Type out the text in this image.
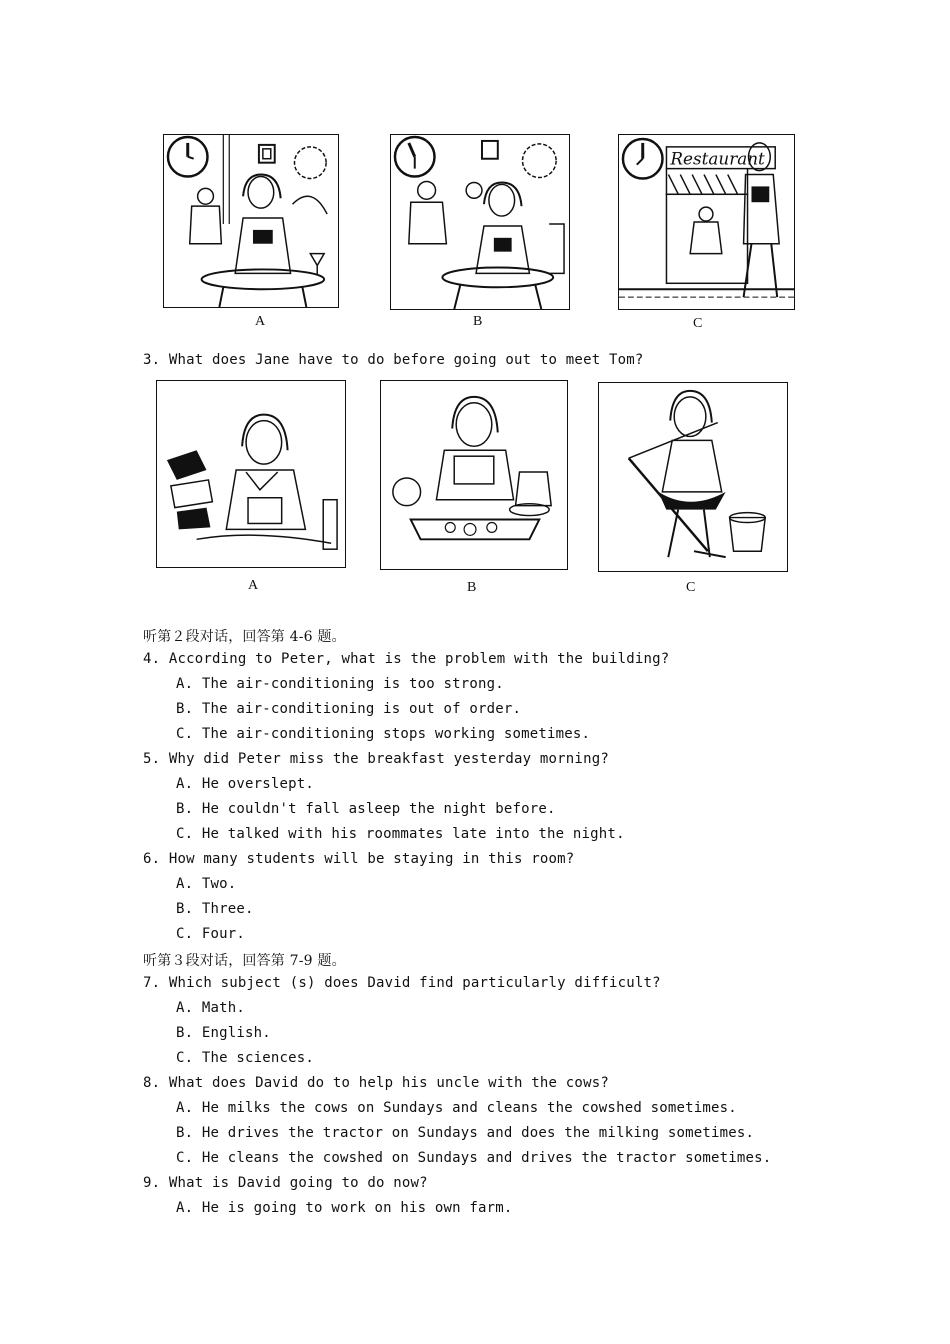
A	B
Restaurant
C
3. What does Jane have to do before going out to meet Tom?
A	B	C
听第２段对话，回答第 4-6 题。
4. According to Peter, what is the problem with the building?
A. The air-conditioning is too strong.
B. The air-conditioning is out of order.
C. The air-conditioning stops working sometimes.
5. Why did Peter miss the breakfast yesterday morning?
A. He overslept.
B. He couldn't fall asleep the night before.
C. He talked with his roommates late into the night.
6. How many students will be staying in this room?
A. Two.
B. Three.
C. Four.
听第３段对话，回答第 7-9 题。
7. Which subject (s) does David find particularly difficult?
A. Math.
B. English.
C. The sciences.
8. What does David do to help his uncle with the cows?
A. He milks the cows on Sundays and cleans the cowshed sometimes.
B. He drives the tractor on Sundays and does the milking sometimes.
C. He cleans the cowshed on Sundays and drives the tractor sometimes.
9. What is David going to do now?
A. He is going to work on his own farm.
